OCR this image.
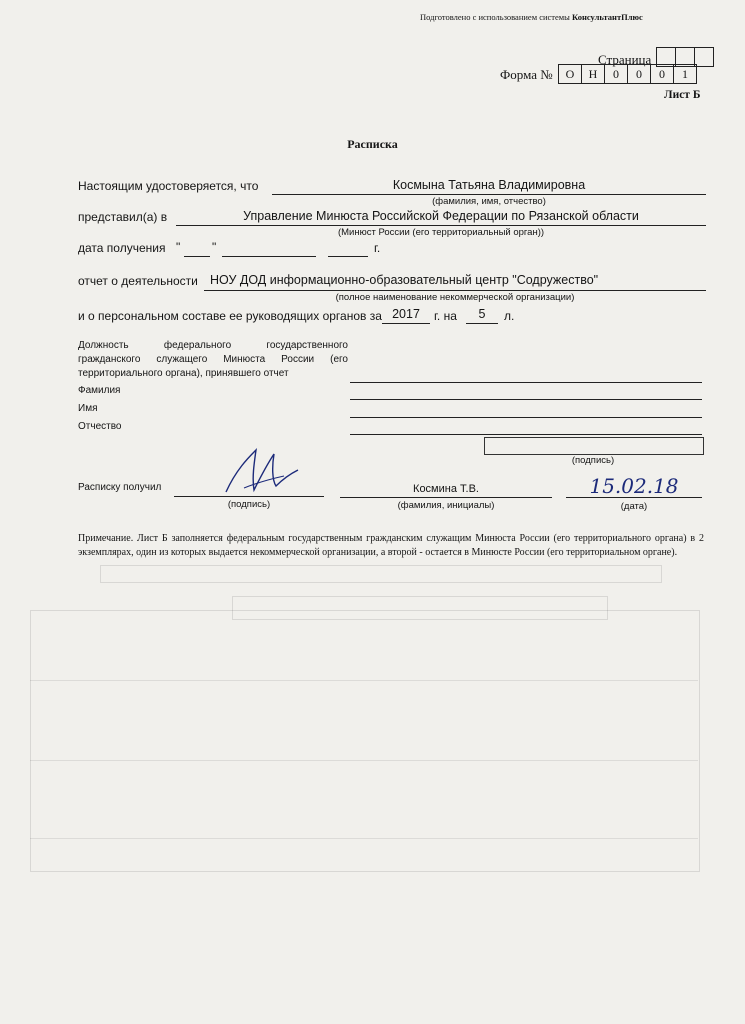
Подготовлено с использованием системы КонсультантПлюс
Страница
Форма №	О	Н	0	0	0	1
Лист Б
Расписка
Настоящим удостоверяется, что	Космына Татьяна Владимировна
(фамилия, имя, отчество)
представил(а) в	Управление Минюста Российской Федерации по Рязанской области
(Минюст России (его территориальный орган))
дата получения "	"	г.
отчет о деятельности НОУ ДОД информационно-образовательный центр "Содружество"
(полное наименование некоммерческой организации)
и о персональном составе ее руководящих органов за 2017	г. на	5	л.
Должность федерального государственного
гражданского служащего Минюста России (его
территориального органа), принявшего отчет
Фамилия
Имя
Отчество
(подпись)
Расписку получил
(подпись)
Космина Т.В.
(фамилия, инициалы)
15.02.18
(дата)
Примечание. Лист Б заполняется федеральным государственным гражданским служащим Минюста России (его территориального органа) в 2 экземплярах, один из которых выдается некоммерческой организации, а второй - остается в Минюсте России (его территориальном органе).
